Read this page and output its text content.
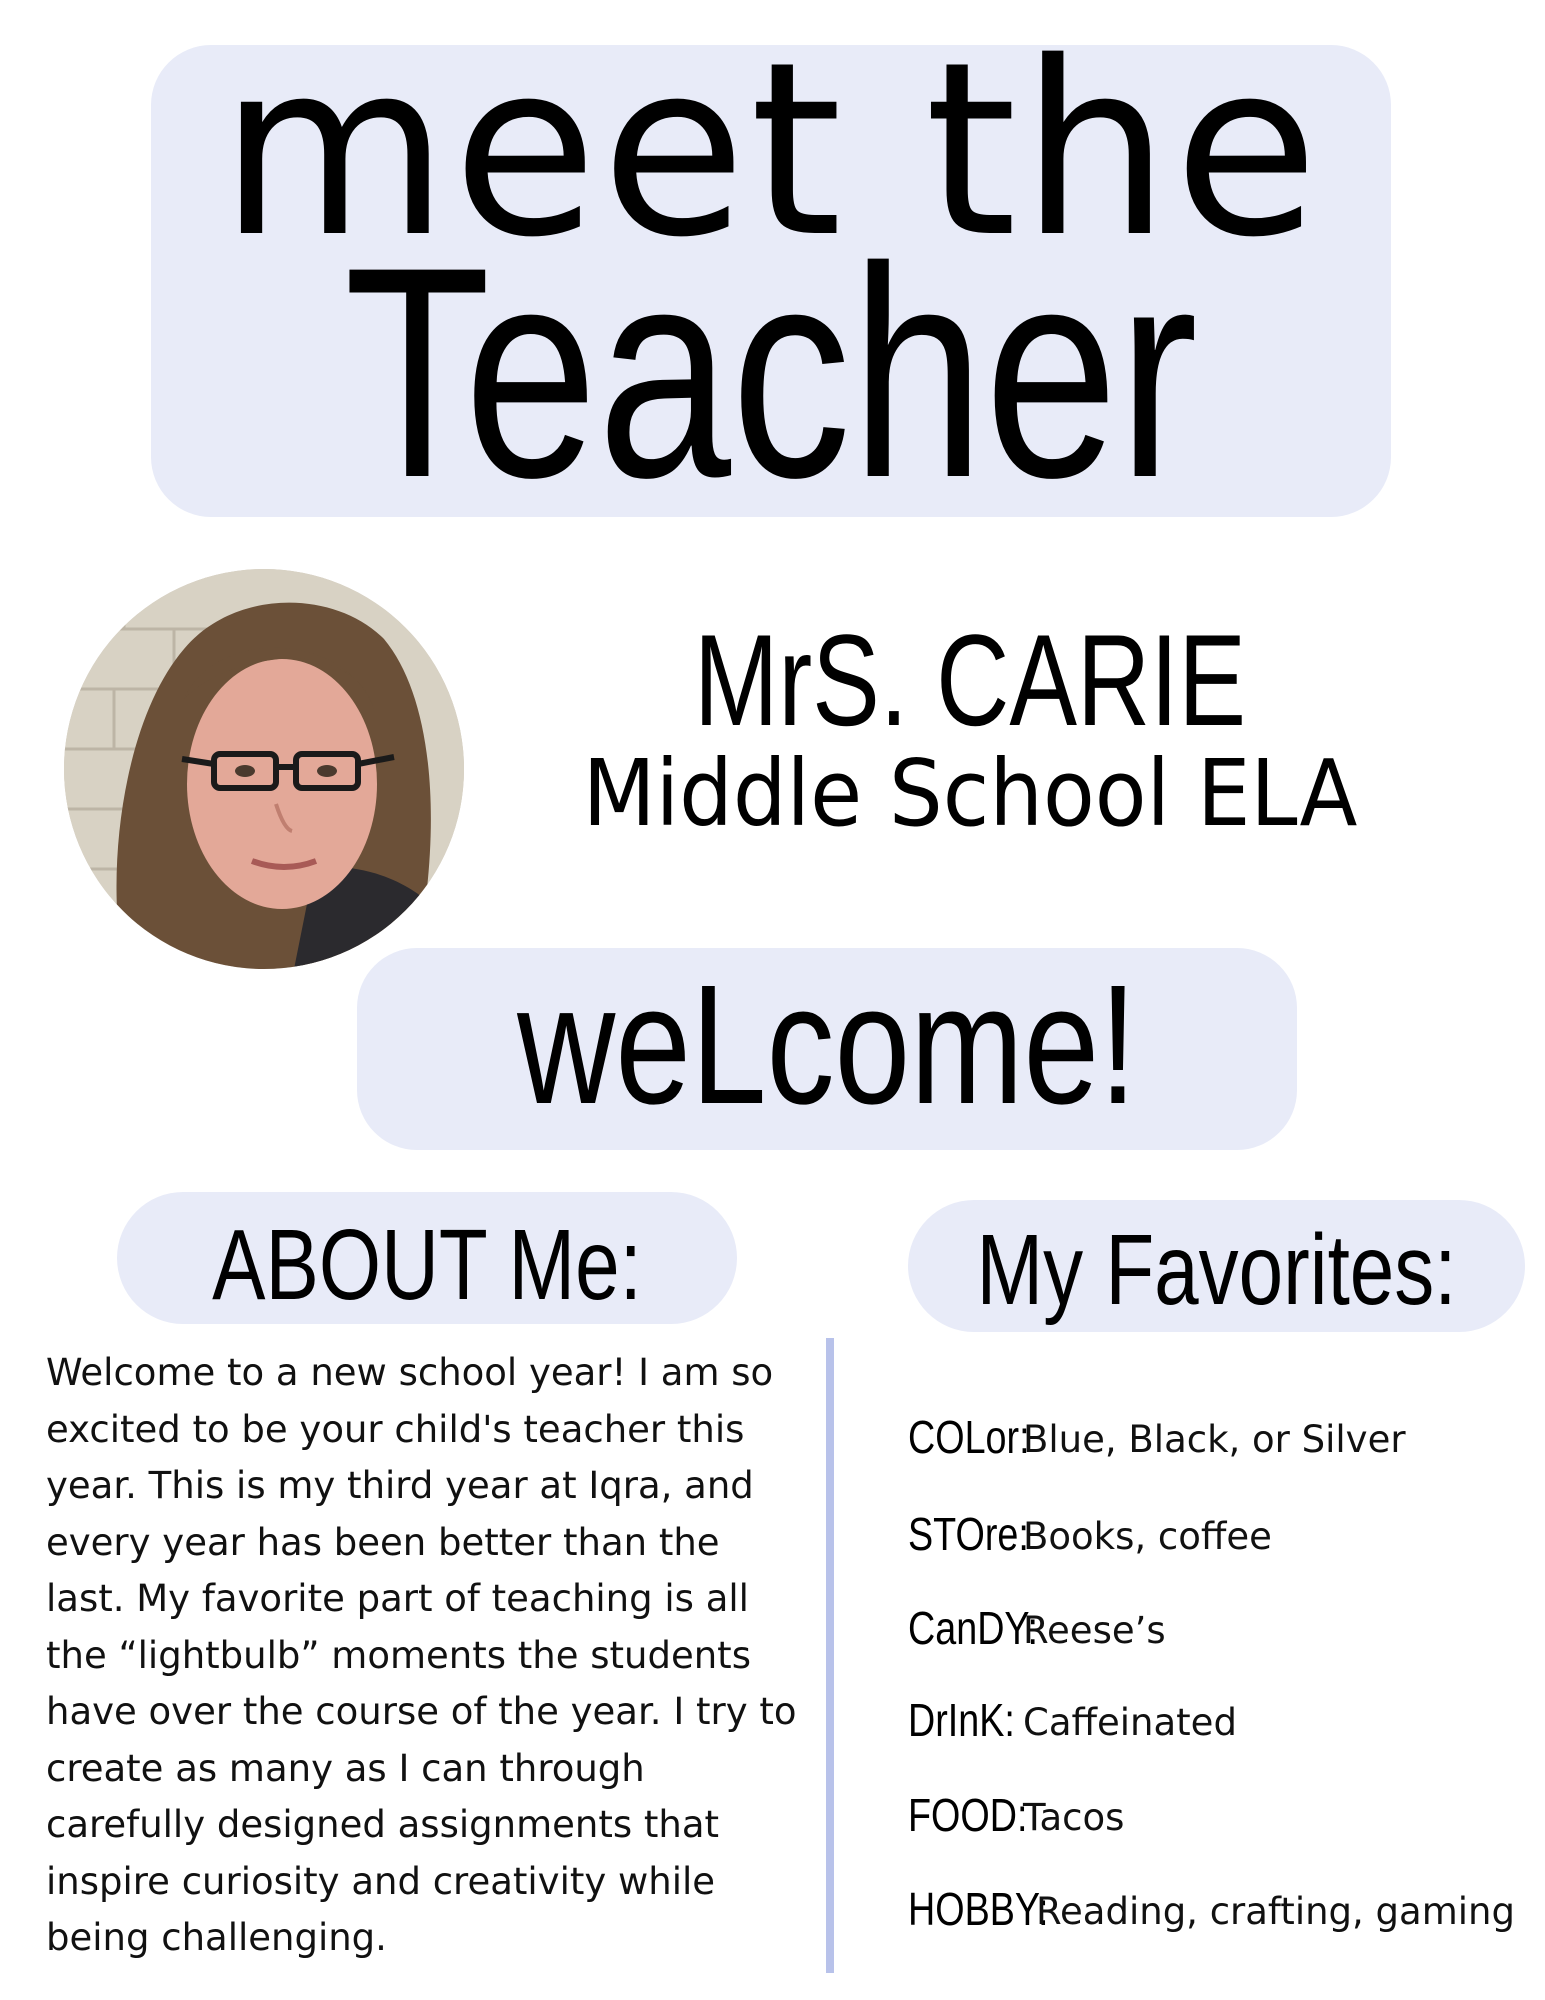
meet the
Teacher
MrS. CARIE
Middle School ELA
weLcome!
ABOUT Me:	My Favorites:
Welcome to a new school year! I am so excited to be your child's teacher this year. This is my third year at Iqra, and every year has been better than the last. My favorite part of teaching is all the “lightbulb” moments the students have over the course of the year. I try to create as many as I can through carefully designed assignments that inspire curiosity and creativity while being challenging.
COLor:
Blue, Black, or Silver
STOre:
Books, coffee
CanDY:
Reese’s
DrInK: Caffeinated
FOOD:
Tacos
HOBBY:
Reading, crafting, gaming
